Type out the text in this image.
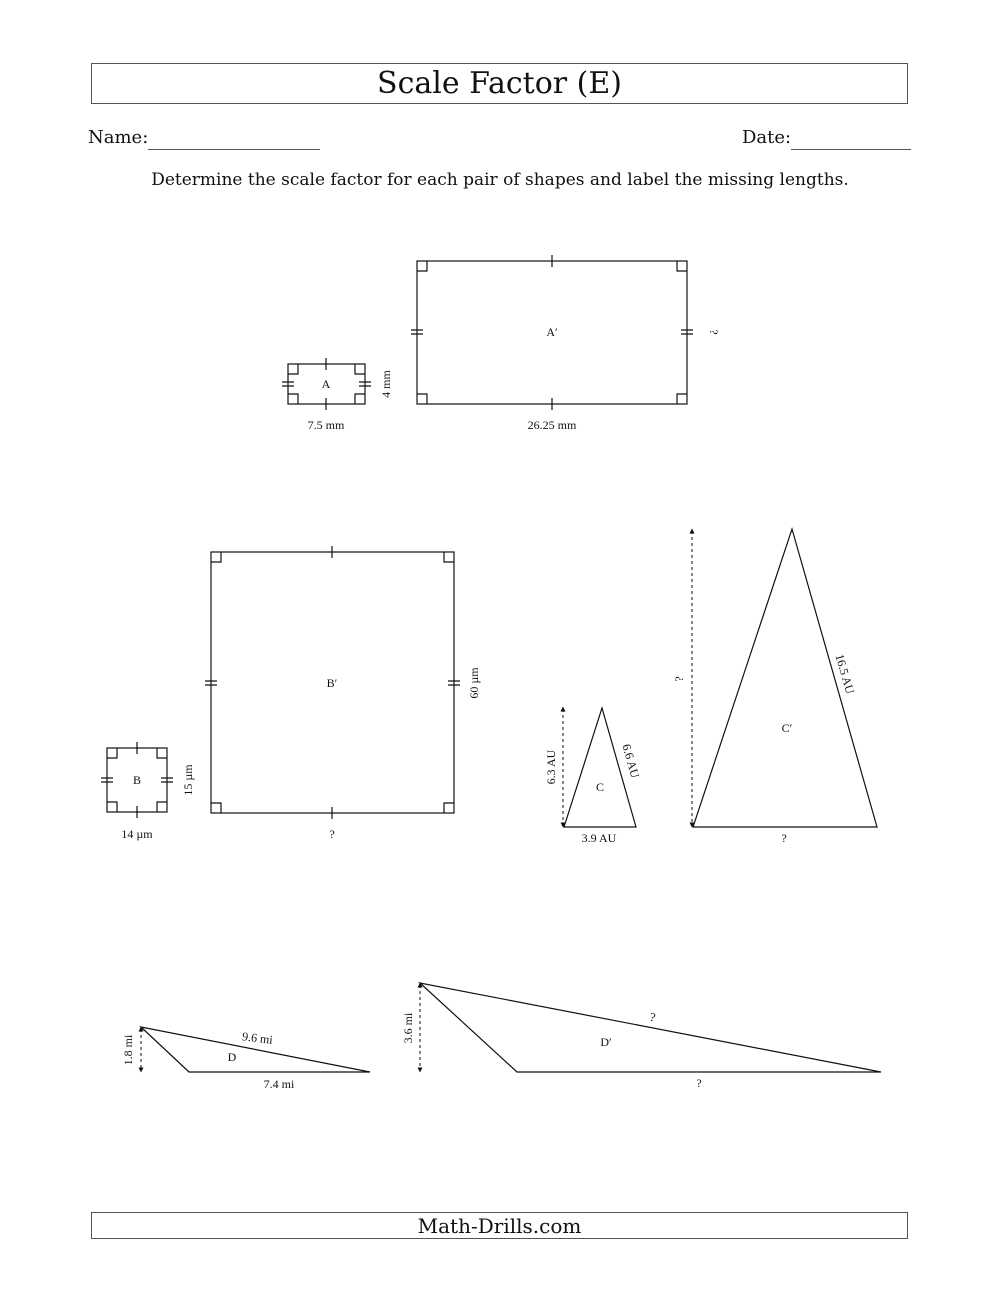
Scale Factor (E)
Name:	Date:
Determine the scale factor for each pair of shapes and label the missing lengths.
A
7.5 mm
4 mm
A′
26.25 mm
?
B
14 µm
15 µm
B′
?
60 µm
C
3.9 AU
6.3 AU	6.6 AU
C′
?
?	16.5 AU
D
7.4 mi
1.8 mi	9.6 mi	D′
?
3.6 mi	?
Math-Drills.com
